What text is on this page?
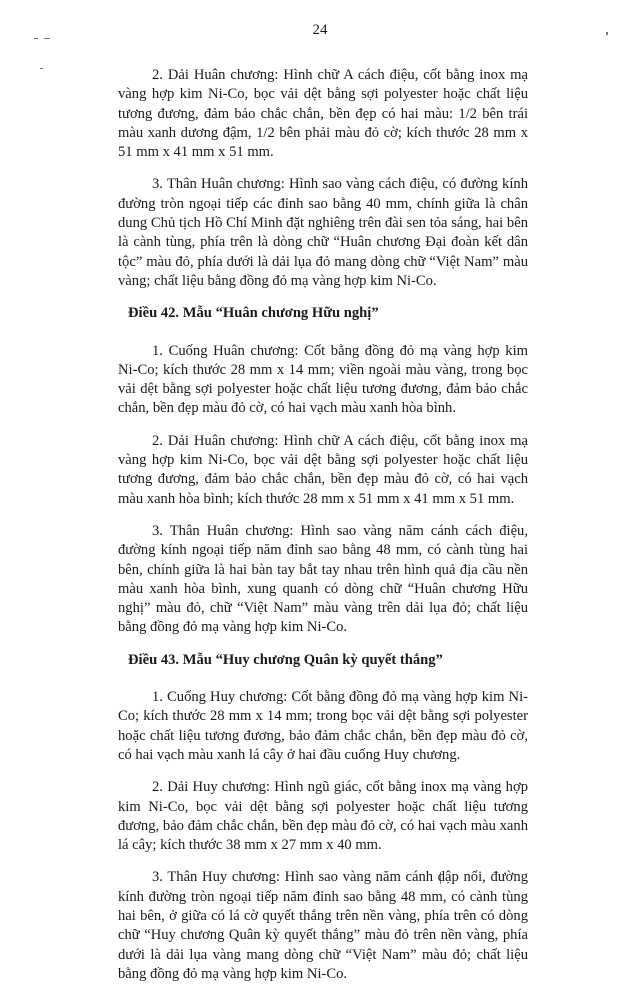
24

2. Dải Huân chương: Hình chữ A cách điệu, cốt bằng inox mạ vàng hợp kim Ni-Co, bọc vải dệt bằng sợi polyester hoặc chất liệu tương đương, đảm bảo chắc chắn, bền đẹp có hai màu: 1/2 bên trái màu xanh dương đậm, 1/2 bên phải màu đỏ cờ; kích thước 28 mm x 51 mm x 41 mm x 51 mm.

3. Thân Huân chương: Hình sao vàng cách điệu, có đường kính đường tròn ngoại tiếp các đỉnh sao bằng 40 mm, chính giữa là chân dung Chủ tịch Hồ Chí Minh đặt nghiêng trên đài sen tỏa sáng, hai bên là cành tùng, phía trên là dòng chữ “Huân chương Đại đoàn kết dân tộc” màu đỏ, phía dưới là dải lụa đỏ mang dòng chữ “Việt Nam” màu vàng; chất liệu bằng đồng đỏ mạ vàng hợp kim Ni-Co.

Điều 42. Mẫu “Huân chương Hữu nghị”

1. Cuống Huân chương: Cốt bằng đồng đỏ mạ vàng hợp kim Ni-Co; kích thước 28 mm x 14 mm; viền ngoài màu vàng, trong bọc vải dệt bằng sợi polyester hoặc chất liệu tương đương, đảm bảo chắc chắn, bền đẹp màu đỏ cờ, có hai vạch màu xanh hòa bình.

2. Dải Huân chương: Hình chữ A cách điệu, cốt bằng inox mạ vàng hợp kim Ni-Co, bọc vải dệt bằng sợi polyester hoặc chất liệu tương đương, đảm bảo chắc chắn, bền đẹp màu đỏ cờ, có hai vạch màu xanh hòa bình; kích thước 28 mm x 51 mm x 41 mm x 51 mm.

3. Thân Huân chương: Hình sao vàng năm cánh cách điệu, đường kính ngoại tiếp năm đỉnh sao bằng 48 mm, có cành tùng hai bên, chính giữa là hai bàn tay bắt tay nhau trên hình quả địa cầu nền màu xanh hòa bình, xung quanh có dòng chữ “Huân chương Hữu nghị” màu đỏ, chữ “Việt Nam” màu vàng trên dải lụa đỏ; chất liệu bằng đồng đỏ mạ vàng hợp kim Ni-Co.

Điều 43. Mẫu “Huy chương Quân kỳ quyết thắng”

1. Cuống Huy chương: Cốt bằng đồng đỏ mạ vàng hợp kim Ni-Co; kích thước 28 mm x 14 mm; trong bọc vải dệt bằng sợi polyester hoặc chất liệu tương đương, bảo đảm chắc chắn, bền đẹp màu đỏ cờ, có hai vạch màu xanh lá cây ở hai đầu cuống Huy chương.

2. Dải Huy chương: Hình ngũ giác, cốt bằng inox mạ vàng hợp kim Ni-Co, bọc vải dệt bằng sợi polyester hoặc chất liệu tương đương, bảo đảm chắc chắn, bền đẹp màu đỏ cờ, có hai vạch màu xanh lá cây; kích thước 38 mm x 27 mm x 40 mm.

3. Thân Huy chương: Hình sao vàng năm cánh dập nổi, đường kính đường tròn ngoại tiếp năm đỉnh sao bằng 48 mm, có cành tùng hai bên, ở giữa có lá cờ quyết thắng trên nền vàng, phía trên có dòng chữ “Huy chương Quân kỳ quyết thắng” màu đỏ trên nền vàng, phía dưới là dải lụa vàng mang dòng chữ “Việt Nam” màu đỏ; chất liệu bằng đồng đỏ mạ vàng hợp kim Ni-Co.
